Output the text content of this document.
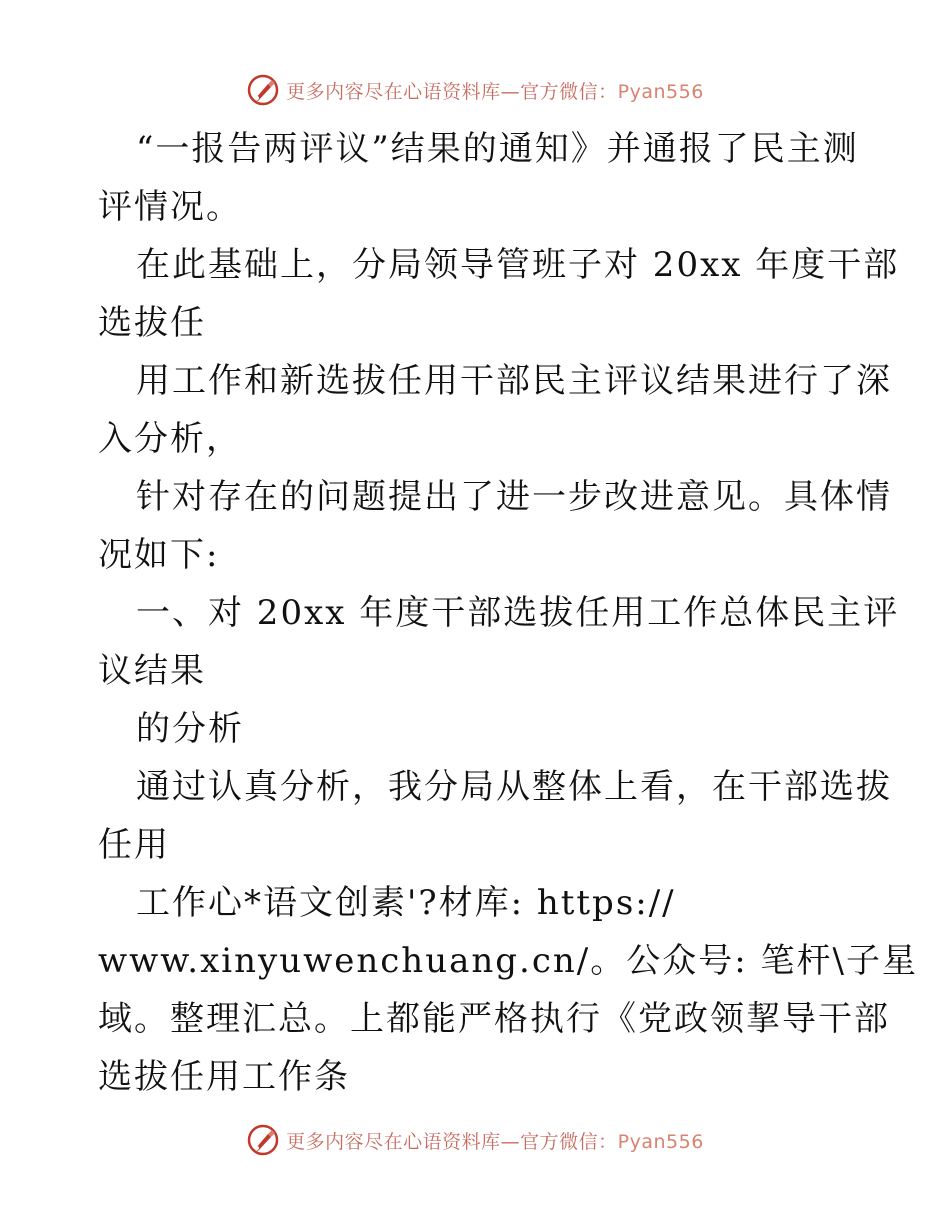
更多内容尽在心语资料库—官方微信：Pyan556
“一报告两评议”结果的通知》并通报了民主测
评情况。
在此基础上，分局领导管班子对 20xx 年度干部
选拔任
用工作和新选拔任用干部民主评议结果进行了深
入分析，
针对存在的问题提出了进一步改进意见。具体情
况如下:
一、对 20xx 年度干部选拔任用工作总体民主评
议结果
的分析
通过认真分析，我分局从整体上看，在干部选拔
任用
工作心*语文创素'?材库: https://
www.xinyuwenchuang.cn/。公众号: 笔杆\子星
域。整理汇总。上都能严格执行《党政领挈导干部
选拔任用工作条
更多内容尽在心语资料库—官方微信：Pyan556
